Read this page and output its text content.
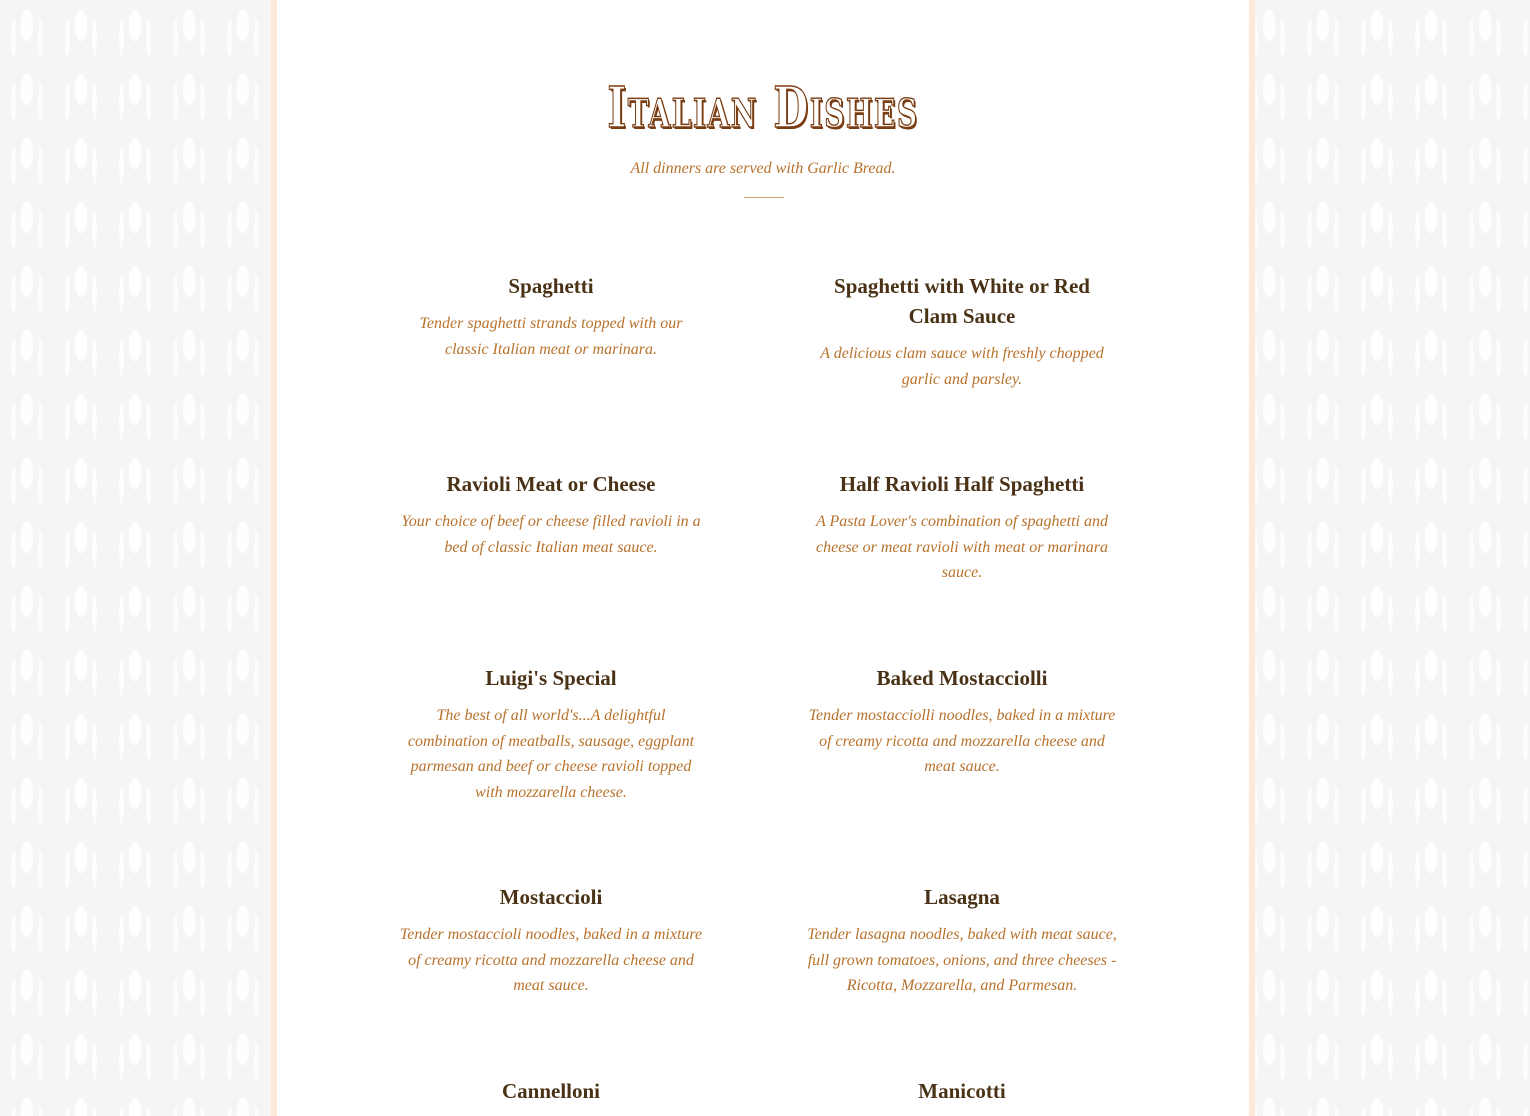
Italian Dishes
All dinners are served with Garlic Bread.
Spaghetti

Tender spaghetti strands topped with our classic Italian meat or marinara.

Spaghetti with White or Red Clam Sauce

A delicious clam sauce with freshly chopped garlic and parsley.

Ravioli Meat or Cheese

Your choice of beef or cheese filled ravioli in a bed of classic Italian meat sauce.

Half Ravioli Half Spaghetti

A Pasta Lover's combination of spaghetti and cheese or meat ravioli with meat or marinara sauce.

Luigi's Special

The best of all world's...A delightful combination of meatballs, sausage, eggplant parmesan and beef or cheese ravioli topped with mozzarella cheese.

Baked Mostacciolli

Tender mostacciolli noodles, baked in a mixture of creamy ricotta and mozzarella cheese and meat sauce.

Mostaccioli

Tender mostaccioli noodles, baked in a mixture of creamy ricotta and mozzarella cheese and meat sauce.

Lasagna

Tender lasagna noodles, baked with meat sauce, full grown tomatoes, onions, and three cheeses - Ricotta, Mozzarella, and Parmesan.

Cannelloni	Manicotti
